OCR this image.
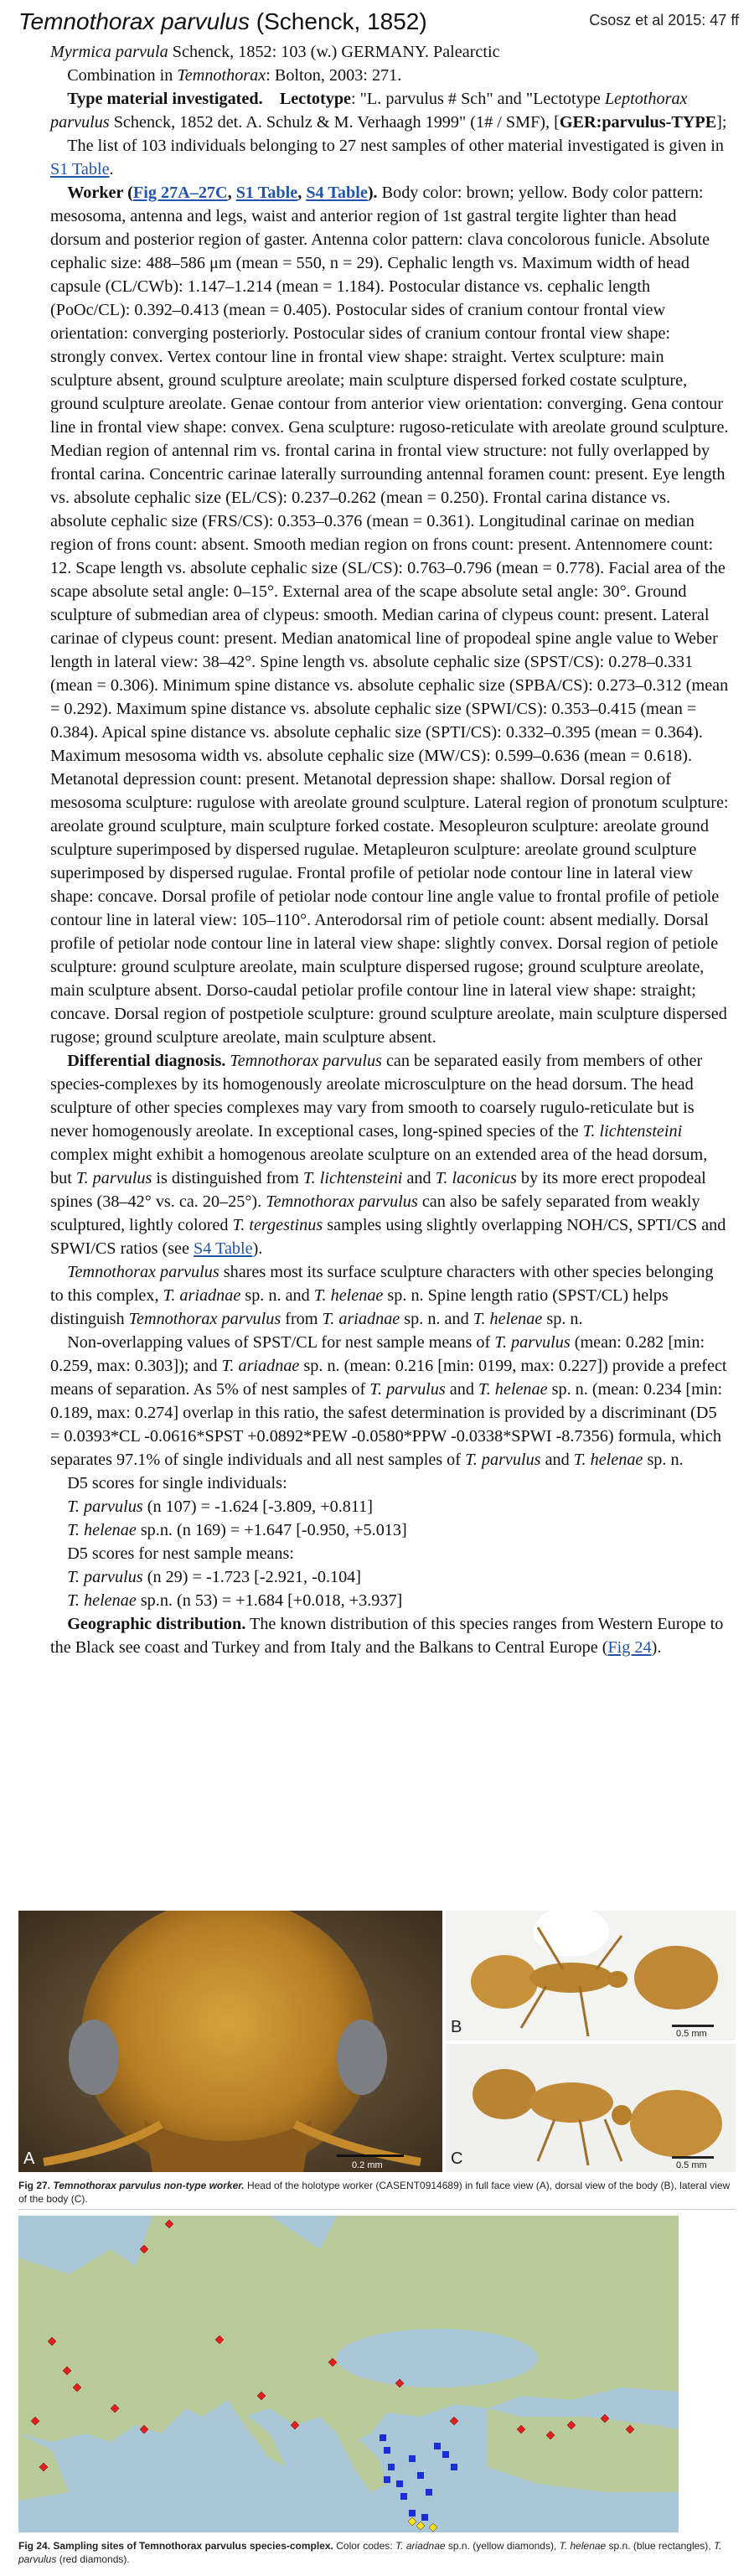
Temnothorax parvulus (Schenck, 1852)	Csosz et al 2015: 47 ff

Myrmica parvula Schenck, 1852: 103 (w.) GERMANY. Palearctic

Combination in Temnothorax: Bolton, 2003: 271.

Type material investigated. Lectotype: "L. parvulus # Sch" and "Lectotype Leptothorax parvulus Schenck, 1852 det. A. Schulz & M. Verhaagh 1999" (1# / SMF), [GER:parvulus-TYPE];

The list of 103 individuals belonging to 27 nest samples of other material investigated is given in S1 Table.

Worker (Fig 27A–27C, S1 Table, S4 Table). Body color: brown; yellow. Body color pattern: mesosoma, antenna and legs, waist and anterior region of 1st gastral tergite lighter than head dorsum and posterior region of gaster. Antenna color pattern: clava concolorous funicle. Absolute cephalic size: 488–586 μm (mean = 550, n = 29). Cephalic length vs. Maximum width of head capsule (CL/CWb): 1.147–1.214 (mean = 1.184). Postocular distance vs. cephalic length (PoOc/CL): 0.392–0.413 (mean = 0.405). Postocular sides of cranium contour frontal view orientation: converging posteriorly. Postocular sides of cranium contour frontal view shape: strongly convex. Vertex contour line in frontal view shape: straight. Vertex sculpture: main sculpture absent, ground sculpture areolate; main sculpture dispersed forked costate sculpture, ground sculpture areolate. Genae contour from anterior view orientation: converging. Gena contour line in frontal view shape: convex. Gena sculpture: rugoso-reticulate with areolate ground sculpture. Median region of antennal rim vs. frontal carina in frontal view structure: not fully overlapped by frontal carina. Concentric carinae laterally surrounding antennal foramen count: present. Eye length vs. absolute cephalic size (EL/CS): 0.237–0.262 (mean = 0.250). Frontal carina distance vs. absolute cephalic size (FRS/CS): 0.353–0.376 (mean = 0.361). Longitudinal carinae on median region of frons count: absent. Smooth median region on frons count: present. Antennomere count: 12. Scape length vs. absolute cephalic size (SL/CS): 0.763–0.796 (mean = 0.778). Facial area of the scape absolute setal angle: 0–15°. External area of the scape absolute setal angle: 30°. Ground sculpture of submedian area of clypeus: smooth. Median carina of clypeus count: present. Lateral carinae of clypeus count: present. Median anatomical line of propodeal spine angle value to Weber length in lateral view: 38–42°. Spine length vs. absolute cephalic size (SPST/CS): 0.278–0.331 (mean = 0.306). Minimum spine distance vs. absolute cephalic size (SPBA/CS): 0.273–0.312 (mean = 0.292). Maximum spine distance vs. absolute cephalic size (SPWI/CS): 0.353–0.415 (mean = 0.384). Apical spine distance vs. absolute cephalic size (SPTI/CS): 0.332–0.395 (mean = 0.364). Maximum mesosoma width vs. absolute cephalic size (MW/CS): 0.599–0.636 (mean = 0.618). Metanotal depression count: present. Metanotal depression shape: shallow. Dorsal region of mesosoma sculpture: rugulose with areolate ground sculpture. Lateral region of pronotum sculpture: areolate ground sculpture, main sculpture forked costate. Mesopleuron sculpture: areolate ground sculpture superimposed by dispersed rugulae. Metapleuron sculpture: areolate ground sculpture superimposed by dispersed rugulae. Frontal profile of petiolar node contour line in lateral view shape: concave. Dorsal profile of petiolar node contour line angle value to frontal profile of petiole contour line in lateral view: 105–110°. Anterodorsal rim of petiole count: absent medially. Dorsal profile of petiolar node contour line in lateral view shape: slightly convex. Dorsal region of petiole sculpture: ground sculpture areolate, main sculpture dispersed rugose; ground sculpture areolate, main sculpture absent. Dorso-caudal petiolar profile contour line in lateral view shape: straight; concave. Dorsal region of postpetiole sculpture: ground sculpture areolate, main sculpture dispersed rugose; ground sculpture areolate, main sculpture absent.

Differential diagnosis. Temnothorax parvulus can be separated easily from members of other species-complexes by its homogenously areolate microsculpture on the head dorsum. The head sculpture of other species complexes may vary from smooth to coarsely rugulo-reticulate but is never homogenously areolate. In exceptional cases, long-spined species of the T. lichtensteini complex might exhibit a homogenous areolate sculpture on an extended area of the head dorsum, but T. parvulus is distinguished from T. lichtensteini and T. laconicus by its more erect propodeal spines (38–42° vs. ca. 20–25°). Temnothorax parvulus can also be safely separated from weakly sculptured, lightly colored T. tergestinus samples using slightly overlapping NOH/CS, SPTI/CS and SPWI/CS ratios (see S4 Table).

Temnothorax parvulus shares most its surface sculpture characters with other species belonging to this complex, T. ariadnae sp. n. and T. helenae sp. n. Spine length ratio (SPST/CL) helps distinguish Temnothorax parvulus from T. ariadnae sp. n. and T. helenae sp. n.

Non-overlapping values of SPST/CL for nest sample means of T. parvulus (mean: 0.282 [min: 0.259, max: 0.303]); and T. ariadnae sp. n. (mean: 0.216 [min: 0199, max: 0.227]) provide a prefect means of separation. As 5% of nest samples of T. parvulus and T. helenae sp. n. (mean: 0.234 [min: 0.189, max: 0.274] overlap in this ratio, the safest determination is provided by a discriminant (D5 = 0.0393*CL -0.0616*SPST +0.0892*PEW -0.0580*PPW -0.0338*SPWI -8.7356) formula, which separates 97.1% of single individuals and all nest samples of T. parvulus and T. helenae sp. n.

D5 scores for single individuals:

T. parvulus (n 107) = -1.624 [-3.809, +0.811]

T. helenae sp.n. (n 169) = +1.647 [-0.950, +5.013]

D5 scores for nest sample means:

T. parvulus (n 29) = -1.723 [-2.921, -0.104]

T. helenae sp.n. (n 53) = +1.684 [+0.018, +3.937]

Geographic distribution. The known distribution of this species ranges from Western Europe to the Black see coast and Turkey and from Italy and the Balkans to Central Europe (Fig 24).

A	0.2 mm
B	0.5 mm
C	0.5 mm
Fig 27. Temnothorax parvulus non-type worker. Head of the holotype worker (CASENT0914689) in full face view (A), dorsal view of the body (B), lateral view of the body (C).
Fig 24. Sampling sites of Temnothorax parvulus species-complex. Color codes: T. ariadnae sp.n. (yellow diamonds), T. helenae sp.n. (blue rectangles), T. parvulus (red diamonds).
